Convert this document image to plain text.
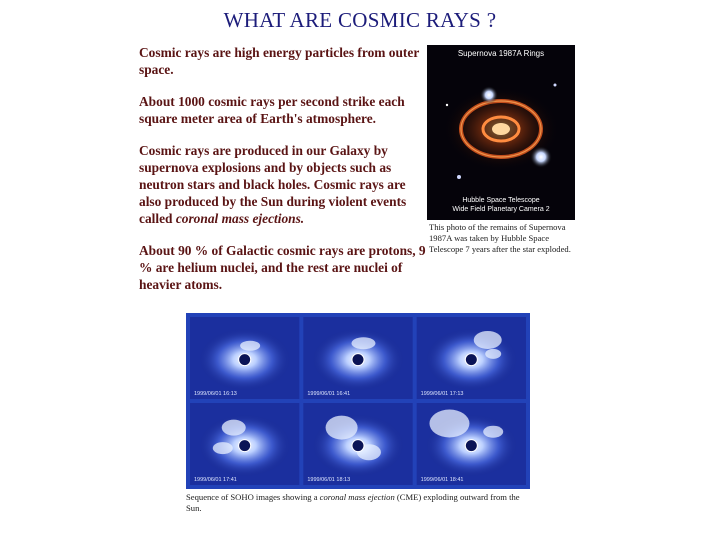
WHAT ARE COSMIC RAYS ?

Cosmic rays are high energy particles from outer space.

About 1000 cosmic rays per second strike each square meter area of Earth's atmosphere.

Cosmic rays are produced in our Galaxy by supernova explosions and by objects such as neutron stars and black holes. Cosmic rays are also produced by the Sun during violent events called coronal mass ejections.

About 90 % of Galactic cosmic rays are protons, 9 % are helium nuclei, and the rest are nuclei of heavier atoms.

Supernova 1987A Rings
Hubble Space Telescope
Wide Field Planetary Camera 2
This photo of the remains of Supernova 1987A was taken by Hubble Space Telescope 7 years after the star exploded.
1999/06/01 16:13	1999/06/01 16:41	1999/06/01 17:13
1999/06/01 17:41	1999/06/01 18:13	1999/06/01 18:41
Sequence of SOHO images showing a coronal mass ejection (CME) exploding outward from the Sun.
